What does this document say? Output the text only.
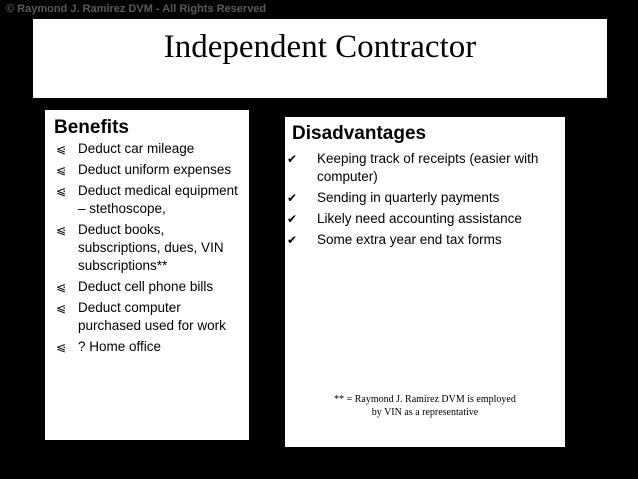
© Raymond J. Ramirez DVM - All Rights Reserved
Independent Contractor
Benefits
⩿ Deduct car mileage
⩿ Deduct uniform expenses
⩿ Deduct medical equipment – stethoscope,
⩿ Deduct books, subscriptions, dues, VIN subscriptions**
⩿ Deduct cell phone bills
⩿ Deduct computer purchased used for work
⩿ ? Home office
Disadvantages
✔ Keeping track of receipts (easier with computer)
✔ Sending in quarterly payments
✔ Likely need accounting assistance
✔ Some extra year end tax forms
** = Raymond J. Ramirez DVM is employed
by VIN as a representative
